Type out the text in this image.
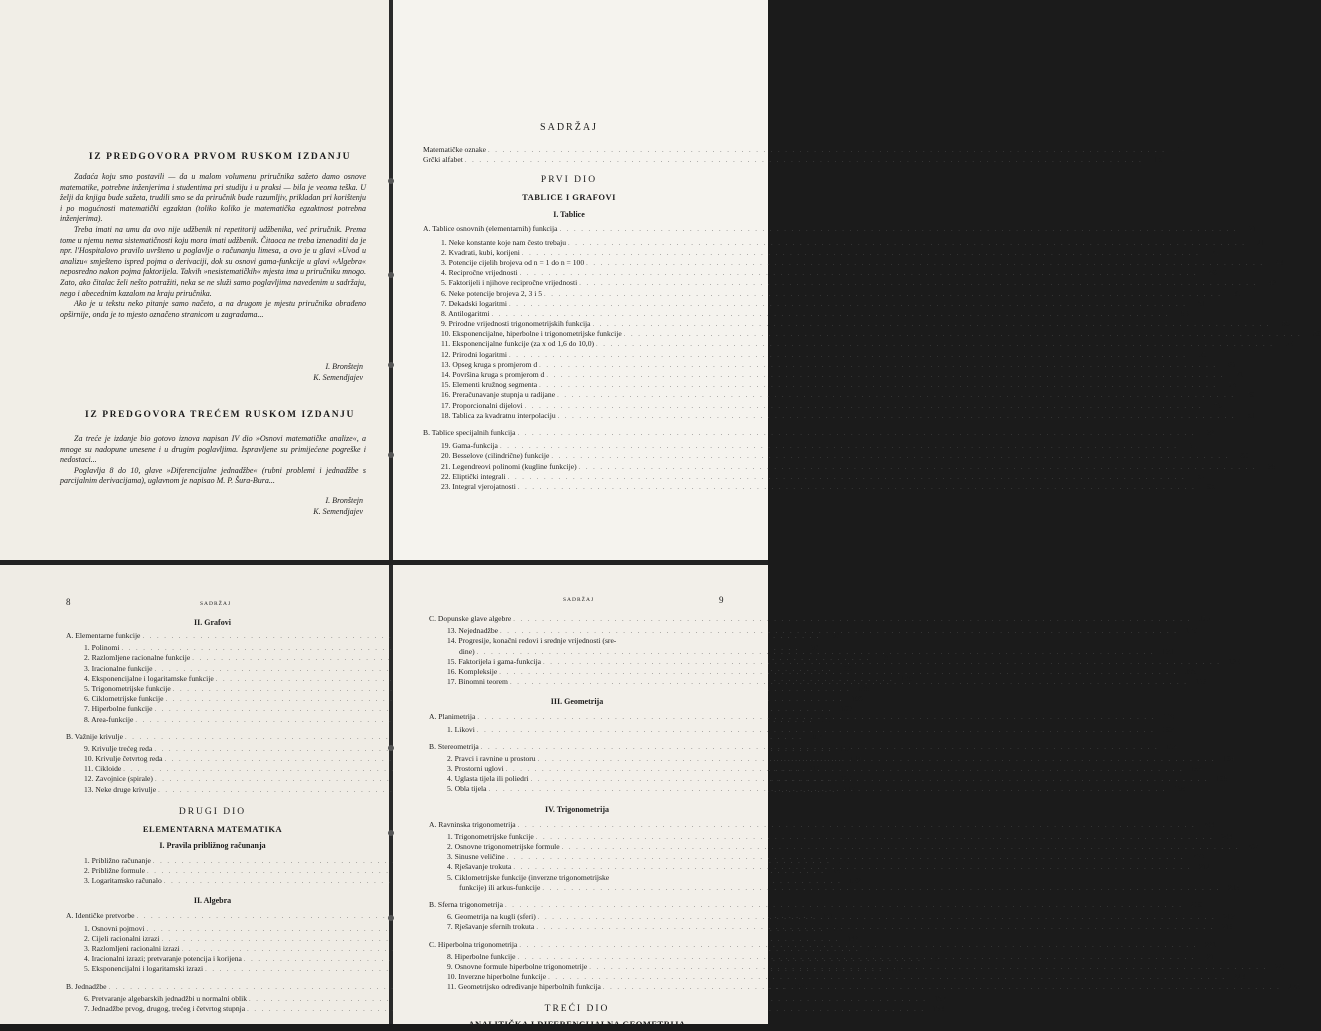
IZ PREDGOVORA PRVOM RUSKOM IZDANJU

Zadaća koju smo postavili — da u malom volumenu priručnika sažeto damo osnove matematike, potrebne inženjerima i studentima pri studiju i u praksi — bila je veoma teška. U želji da knjiga bude sažeta, trudili smo se da priručnik bude razumljiv, prikladan pri korištenju i po mogućnosti matematički egzaktan (toliko koliko je matematička egzaktnost potrebna inženjerima).

Treba imati na umu da ovo nije udžbenik ni repetitorij udžbenika, već priručnik. Prema tome u njemu nema sistematičnosti koju mora imati udžbenik. Čitaoca ne treba iznenaditi da je npr. l'Hospitalovo pravilo uvršteno u poglavlje o računanju limesa, a ovo je u glavi »Uvod u analizu« smješteno ispred pojma o derivaciji, dok su osnovi gama-funkcije u glavi »Algebra« neposredno nakon pojma faktorijela. Takvih »nesistematičkih« mjesta ima u priručniku mnogo. Zato, ako čitalac želi nešto potražiti, neka se ne služi samo poglavljima navedenim u sadržaju, nego i abecednim kazalom na kraju priručnika.

Ako je u tekstu neko pitanje samo načeto, a na drugom je mjestu priručnika obrađeno opširnije, onda je to mjesto označeno stranicom u zagradama...

I. Bronštejn
K. Semendjajev
IZ PREDGOVORA TREĆEM RUSKOM IZDANJU

Za treće je izdanje bio gotovo iznova napisan IV dio »Osnovi matematičke analize«, a mnoge su nadopune unesene i u drugim poglavljima. Ispravljene su primijećene pogreške i nedostaci...

Poglavlja 8 do 10, glave »Diferencijalne jednadžbe« (rubni problemi i jednadžbe s parcijalnim derivacijama), uglavnom je napisao M. P. Šura-Bura...

I. Bronštejn
K. Semendjajev
SADRŽAJ
Matematičke oznake . . .	14
Grčki alfabet . . .	18
PRVI DIO
TABLICE I GRAFOVI
I. Tablice
A. Tablice osnovnih (elementarnih) funkcija . . .	21
1. Neke konstante koje nam često trebaju . . .	21
2. Kvadrati, kubi, korijeni . . .	22
3. Potencije cijelih brojeva od n = 1 do n = 100 . . .	44
4. Recipročne vrijednosti . . .	46
5. Faktorijeli i njihove recipročne vrijednosti . . .	48
6. Neke potencije brojeva 2, 3 i 5 . . .	49
7. Dekadski logaritmi . . .	51
8. Antilogaritmi . . .	53
9. Prirodne vrijednosti trigonometrijskih funkcija . . .	55
10. Eksponencijalne, hiperbolne i trigonometrijske funkcije . . .	59
11. Eksponencijalne funkcije (za x od 1,6 do 10,0) . . .	63
12. Prirodni logaritmi . . .	65
13. Opseg kruga s promjerom d . . .	69
14. Površina kruga s promjerom d . . .	71
15. Elementi kružnog segmenta . . .	73
16. Preračunavanje stupnja u radijane . . .	78
17. Proporcionalni dijelovi . . .	79
18. Tablica za kvadratnu interpolaciju . . .	81
B. Tablice specijalnih funkcija . . .	82
19. Gama-funkcija . . .	82
20. Besselove (cilindrične) funkcije . . .	83
21. Legendreovi polinomi (kuglinе funkcije) . . .	85
22. Eliptički integrali . . .	86
23. Integral vjerojatnosti . . .	88
8	SADRŽAJ
II. Grafovi
A. Elementarne funkcije . . .	90
1. Polinomi . . .	90
2. Razlomljene racionalne funkcije . . .	93
3. Iracionalne funkcije . . .	98
4. Eksponencijalne i logaritamske funkcije . . .	100
5. Trigonometrijske funkcije . . .	105
6. Ciklometrijske funkcije . . .	108
7. Hiperbolne funkcije . . .	109
8. Area-funkcije . . .	111
B. Važnije krivulje . . .	112
9. Krivulje trećeg reda . . .	112
10. Krivulje četvrtog reda . . .	114
11. Cikloide . . .	119
12. Zavojnice (spirale) . . .	123
13. Neke druge krivulje . . .	126
DRUGI DIO
ELEMENTARNA MATEMATIKA
I. Pravila približnog računanja
1. Približno računanje . . .	128
2. Približne formule . . .	132
3. Logaritamsko računalo . . .	132
II. Algebra
A. Identičke pretvorbe . . .	141
1. Osnovni pojmovi . . .	141
2. Cijeli racionalni izrazi . . .	142
3. Razlomljeni racionalni izrazi . . .	144
4. Iracionalni izrazi; pretvaranje potencija i korijena . . .	147
5. Eksponencijalni i logaritamski izrazi . . .	149
B. Jednadžbe . . .	152
6. Pretvaranje algebarskih jednadžbi u normalni oblik . . .	152
7. Jednadžbe prvog, drugog, trećeg i četvrtog stupnja . . .	154
SADRŽAJ	9
C. Dopunske glave algebre . . .	176
13. Nejednadžbe . . .	176
14. Progresije, konačni redovi i srednje vrijednosti (sre-
dine) . . .	181
15. Faktorijela i gama-funkcija . . .	183
16. Kompleksije . . .	185
17. Binomni teorem . . .	186
III. Geometrija
A. Planimetrija . . .	188
1. Likovi . . .	188
B. Stereometrija . . .	194
2. Pravci i ravnine u prostoru . . .	194
3. Prostorni uglovi . . .	194
4. Uglasta tijela ili poliedri . . .	195
5. Obla tijela . . .	199
IV. Trigonometrija
A. Ravninska trigonometrija . . .	204
1. Trigonometrijske funkcije . . .	204
2. Osnovne trigonometrijske formule . . .	207
3. Sinusne veličine . . .	210
4. Rješavanje trokuta . . .	212
5. Ciklometrijske funkcije (inverzne trigonometrijske
funkcije) ili arkus-funkcije . . .	215
B. Sferna trigonometrija . . .	218
6. Geometrija na kugli (sferi) . . .	218
7. Rješavanje sfernih trokuta . . .	219
C. Hiperbolna trigonometrija . . .	221
8. Hiperbolne funkcije . . .	221
9. Osnovne formule hiperbolne trigonometrije . . .	221
10. Inverzne hiperbolne funkcije . . .	224
11. Geometrijsko određivanje hiperbolnih funkcija . . .	225
TREĆI DIO
ANALITIČKA I DIFERENCIJALNA GEOMETRIJA
